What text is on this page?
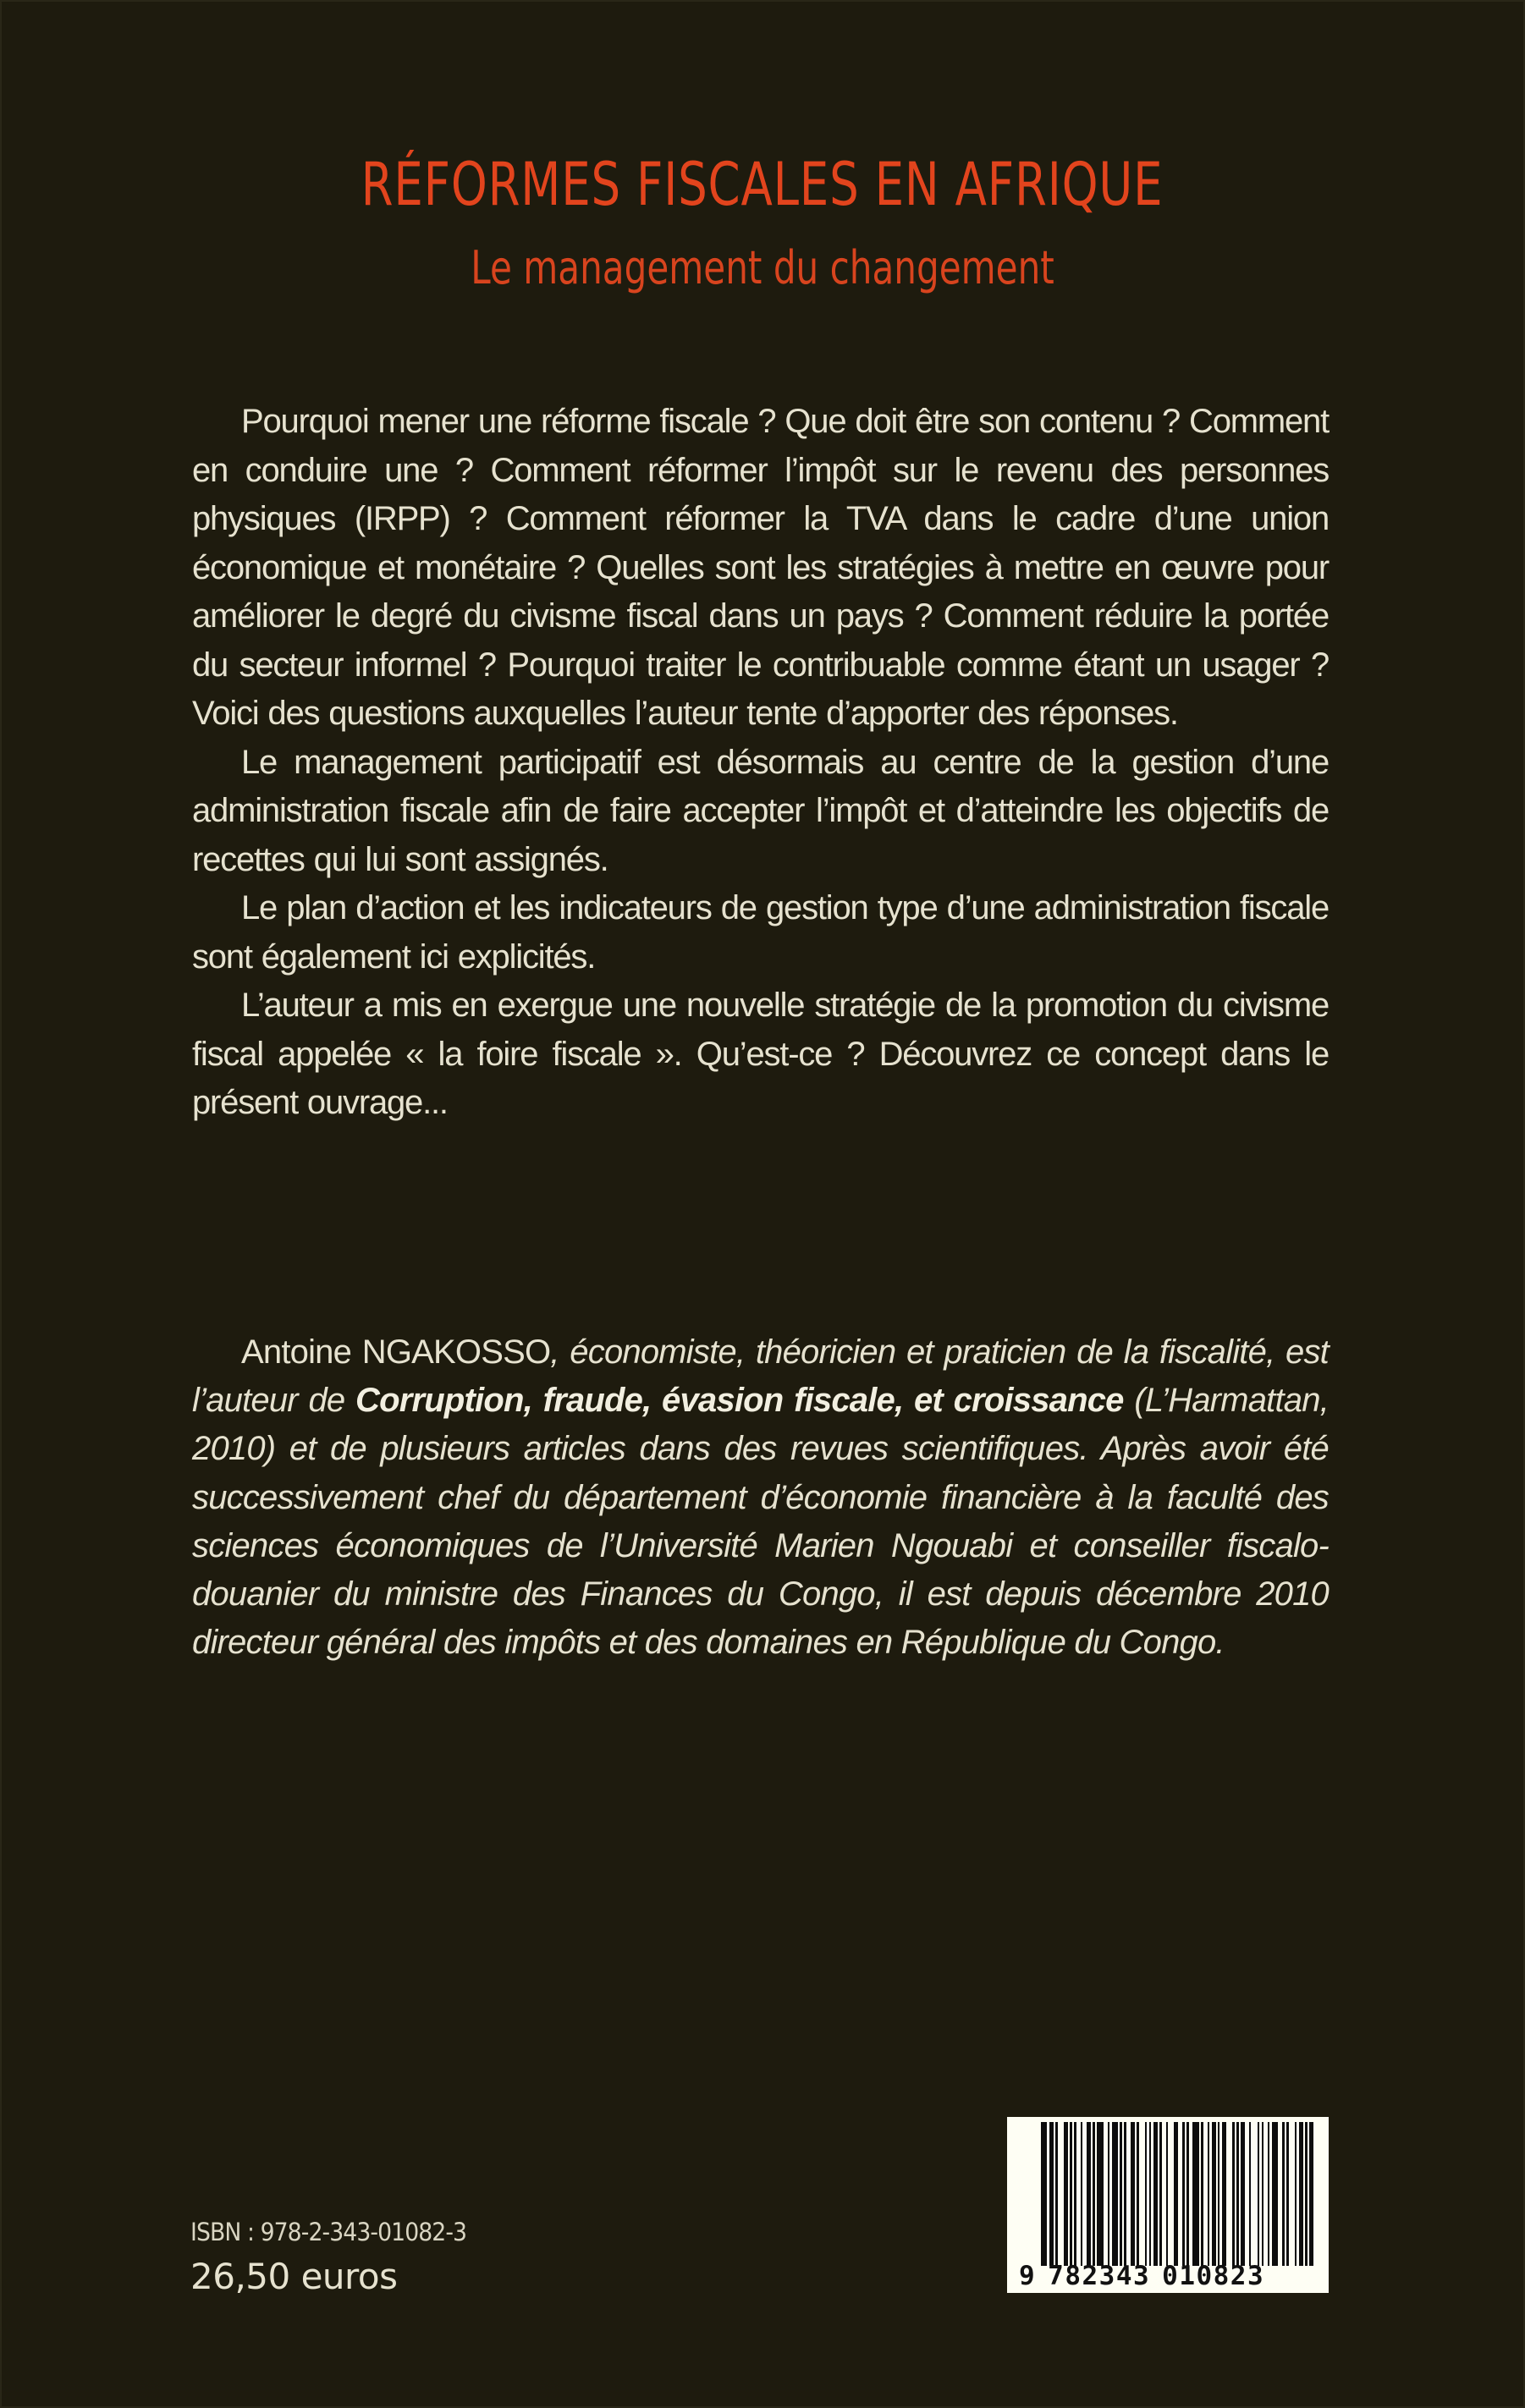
RÉFORMES FISCALES EN AFRIQUE
Le management du changement

Pourquoi mener une réforme fiscale ? Que doit être son contenu ? Comment en conduire une ? Comment réformer l’impôt sur le revenu des personnes physiques (IRPP) ? Comment réformer la TVA dans le cadre d’une union économique et monétaire ? Quelles sont les stratégies à mettre en œuvre pour améliorer le degré du civisme fiscal dans un pays ? Comment réduire la portée du secteur informel ? Pourquoi traiter le contribuable comme étant un usager ? Voici des questions auxquelles l’auteur tente d’apporter des réponses.

Le management participatif est désormais au centre de la gestion d’une administration fiscale afin de faire accepter l’impôt et d’atteindre les objectifs de recettes qui lui sont assignés.

Le plan d’action et les indicateurs de gestion type d’une administration fiscale sont également ici explicités.

L’auteur a mis en exergue une nouvelle stratégie de la promotion du civisme fiscal appelée « la foire fiscale ». Qu’est-ce ? Découvrez ce concept dans le présent ouvrage...

Antoine NGAKOSSO, économiste, théoricien et praticien de la fiscalité, est l’auteur de Corruption, fraude, évasion fiscale, et croissance (L’Harmattan, 2010) et de plusieurs articles dans des revues scientifiques. Après avoir été successivement chef du département d’économie financière à la faculté des sciences économiques de l’Université Marien Ngouabi et conseiller fiscalo-douanier du ministre des Finances du Congo, il est depuis décembre 2010 directeur général des impôts et des domaines en République du Congo.

ISBN : 978-2-343-01082-3
26,50 euros	9 782343 010823
